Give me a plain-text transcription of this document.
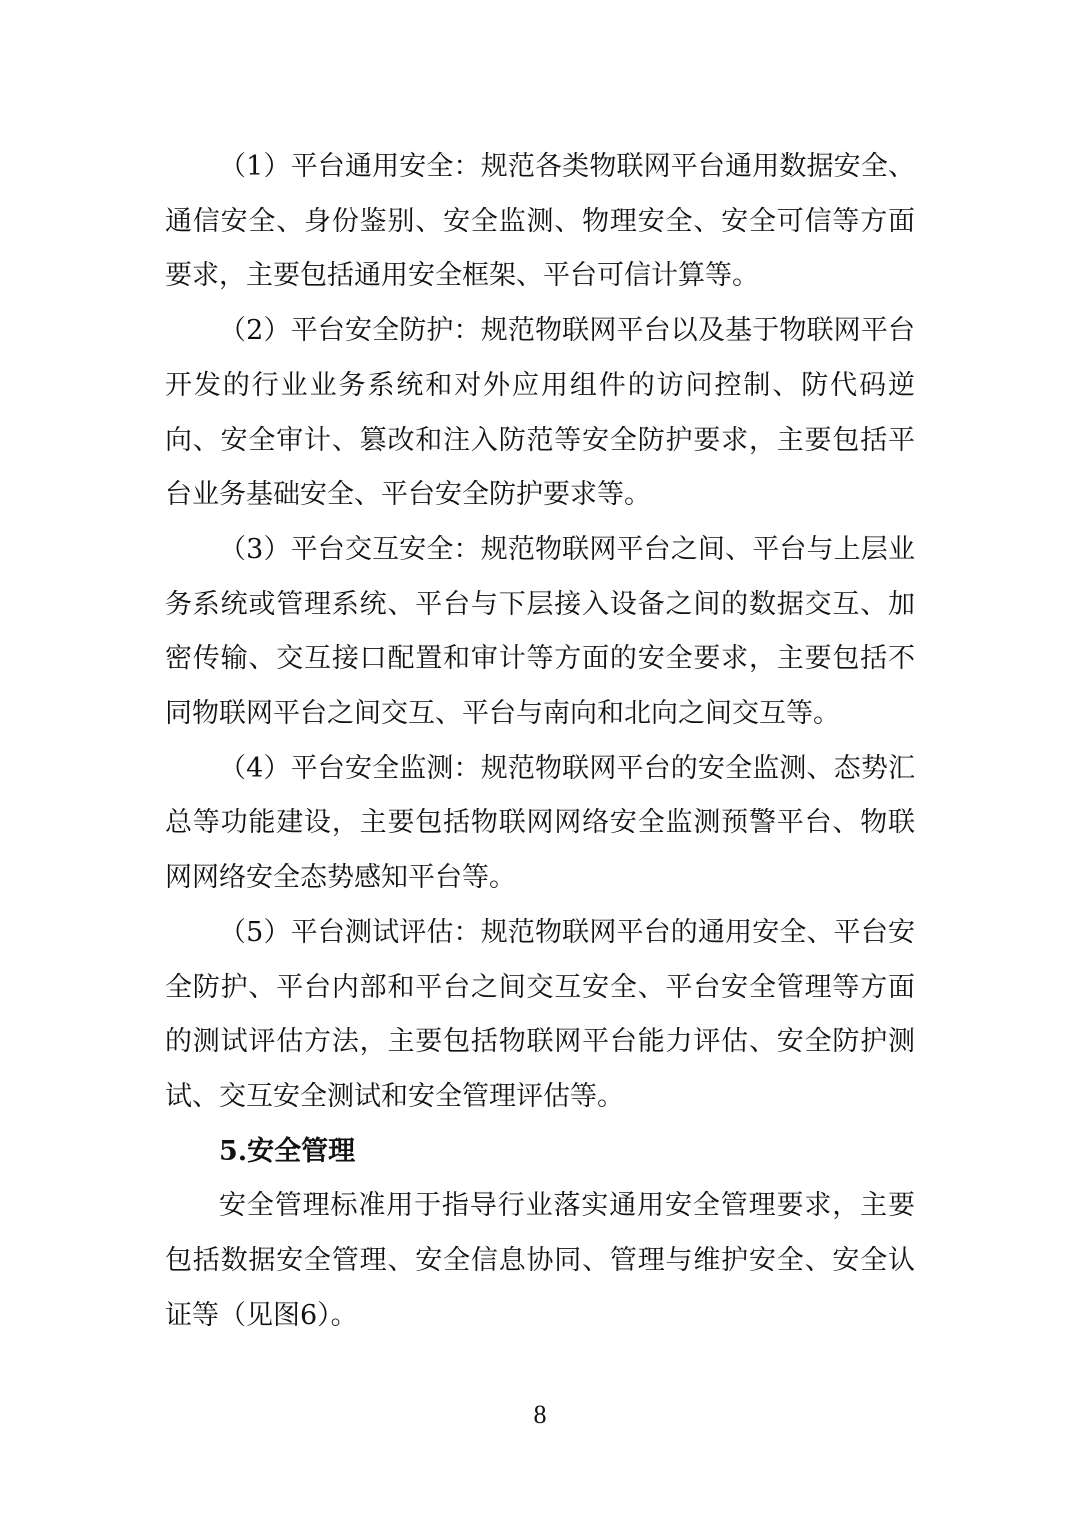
（1）平台通用安全：规范各类物联网平台通用数据安全、通信安全、身份鉴别、安全监测、物理安全、安全可信等方面要求，主要包括通用安全框架、平台可信计算等。

（2）平台安全防护：规范物联网平台以及基于物联网平台开发的行业业务系统和对外应用组件的访问控制、防代码逆向、安全审计、篡改和注入防范等安全防护要求，主要包括平台业务基础安全、平台安全防护要求等。

（3）平台交互安全：规范物联网平台之间、平台与上层业务系统或管理系统、平台与下层接入设备之间的数据交互、加密传输、交互接口配置和审计等方面的安全要求，主要包括不同物联网平台之间交互、平台与南向和北向之间交互等。

（4）平台安全监测：规范物联网平台的安全监测、态势汇总等功能建设，主要包括物联网网络安全监测预警平台、物联网网络安全态势感知平台等。

（5）平台测试评估：规范物联网平台的通用安全、平台安全防护、平台内部和平台之间交互安全、平台安全管理等方面的测试评估方法，主要包括物联网平台能力评估、安全防护测试、交互安全测试和安全管理评估等。

5.安全管理

安全管理标准用于指导行业落实通用安全管理要求，主要包括数据安全管理、安全信息协同、管理与维护安全、安全认证等（见图6）。

8
